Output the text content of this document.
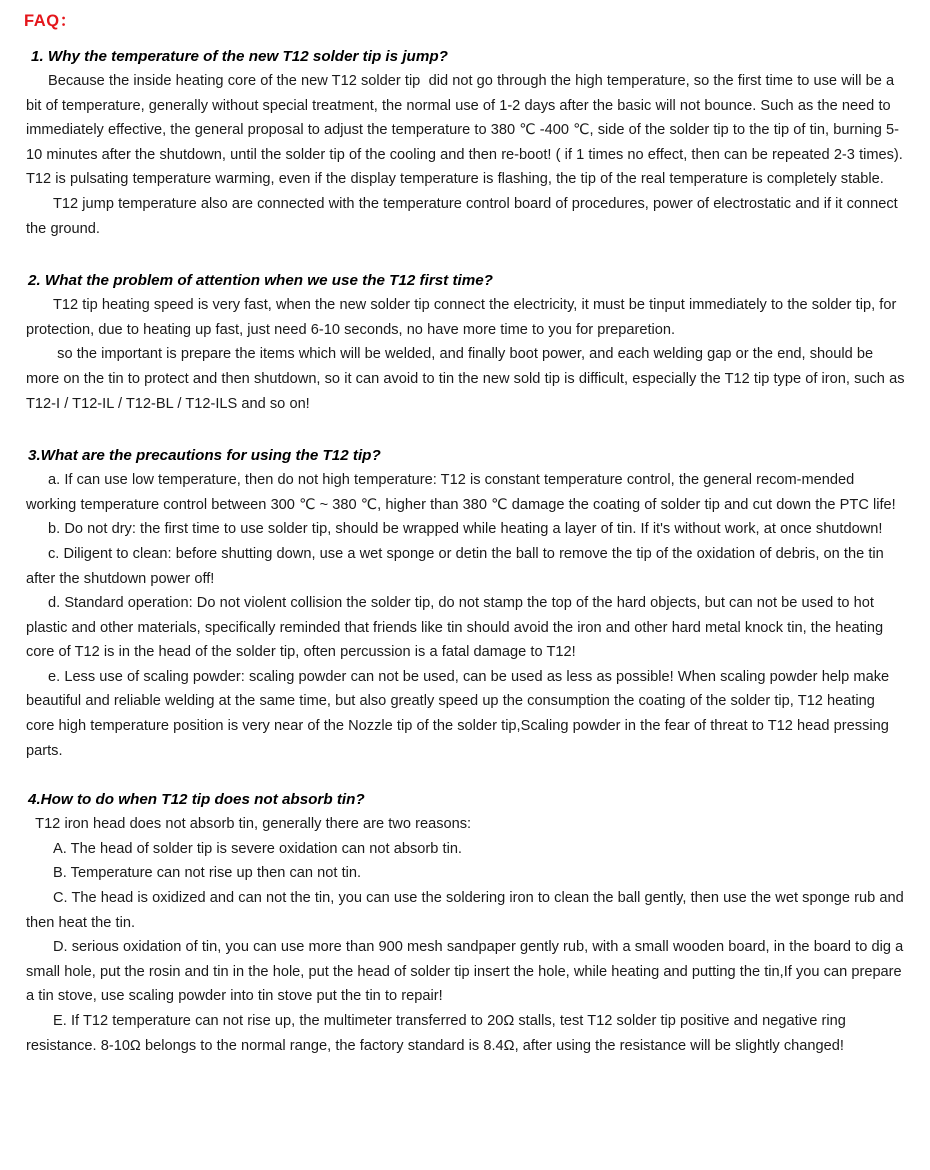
FAQ：
1. Why the temperature of the new T12 solder tip is jump?

Because the inside heating core of the new T12 solder tip  did not go through the high temperature, so the first time to use will be a bit of temperature, generally without special treatment, the normal use of 1-2 days after the basic will not bounce. Such as the need to immediately effective, the general proposal to adjust the temperature to 380 ℃ -400 ℃, side of the solder tip to the tip of tin, burning 5-10 minutes after the shutdown, until the solder tip of the cooling and then re-boot! ( if 1 times no effect, then can be repeated 2-3 times). T12 is pulsating temperature warming, even if the display temperature is flashing, the tip of the real temperature is completely stable.

T12 jump temperature also are connected with the temperature control board of procedures, power of electrostatic and if it connect the ground.

2. What the problem of attention when we use the T12 first time?

T12 tip heating speed is very fast, when the new solder tip connect the electricity, it must be tinput immediately to the solder tip, for protection, due to heating up fast, just need 6-10 seconds, no have more time to you for preparetion.

so the important is prepare the items which will be welded, and finally boot power, and each welding gap or the end, should be more on the tin to protect and then shutdown, so it can avoid to tin the new sold tip is difficult, especially the T12 tip type of iron, such as T12-I / T12-IL / T12-BL / T12-ILS and so on!

3.What are the precautions for using the T12 tip?

a. If can use low temperature, then do not high temperature: T12 is constant temperature control, the general recom-mended working temperature control between 300 ℃ ~ 380 ℃, higher than 380 ℃ damage the coating of solder tip and cut down the PTC life!

b. Do not dry: the first time to use solder tip, should be wrapped while heating a layer of tin. If it's without work, at once shutdown!

c. Diligent to clean: before shutting down, use a wet sponge or detin the ball to remove the tip of the oxidation of debris, on the tin after the shutdown power off!

d. Standard operation: Do not violent collision the solder tip, do not stamp the top of the hard objects, but can not be used to hot plastic and other materials, specifically reminded that friends like tin should avoid the iron and other hard metal knock tin, the heating core of T12 is in the head of the solder tip, often percussion is a fatal damage to T12!

e. Less use of scaling powder: scaling powder can not be used, can be used as less as possible! When scaling powder help make beautiful and reliable welding at the same time, but also greatly speed up the consumption the coating of the solder tip, T12 heating core high temperature position is very near of the Nozzle tip of the solder tip,Scaling powder in the fear of threat to T12 head pressing parts.

4.How to do when T12 tip does not absorb tin?

T12 iron head does not absorb tin, generally there are two reasons:

A. The head of solder tip is severe oxidation can not absorb tin.

B. Temperature can not rise up then can not tin.

C. The head is oxidized and can not the tin, you can use the soldering iron to clean the ball gently, then use the wet sponge rub and then heat the tin.

D. serious oxidation of tin, you can use more than 900 mesh sandpaper gently rub, with a small wooden board, in the board to dig a small hole, put the rosin and tin in the hole, put the head of solder tip insert the hole, while heating and putting the tin,If you can prepare a tin stove, use scaling powder into tin stove put the tin to repair!

E. If T12 temperature can not rise up, the multimeter transferred to 20Ω stalls, test T12 solder tip positive and negative ring resistance. 8-10Ω belongs to the normal range, the factory standard is 8.4Ω, after using the resistance will be slightly changed!
